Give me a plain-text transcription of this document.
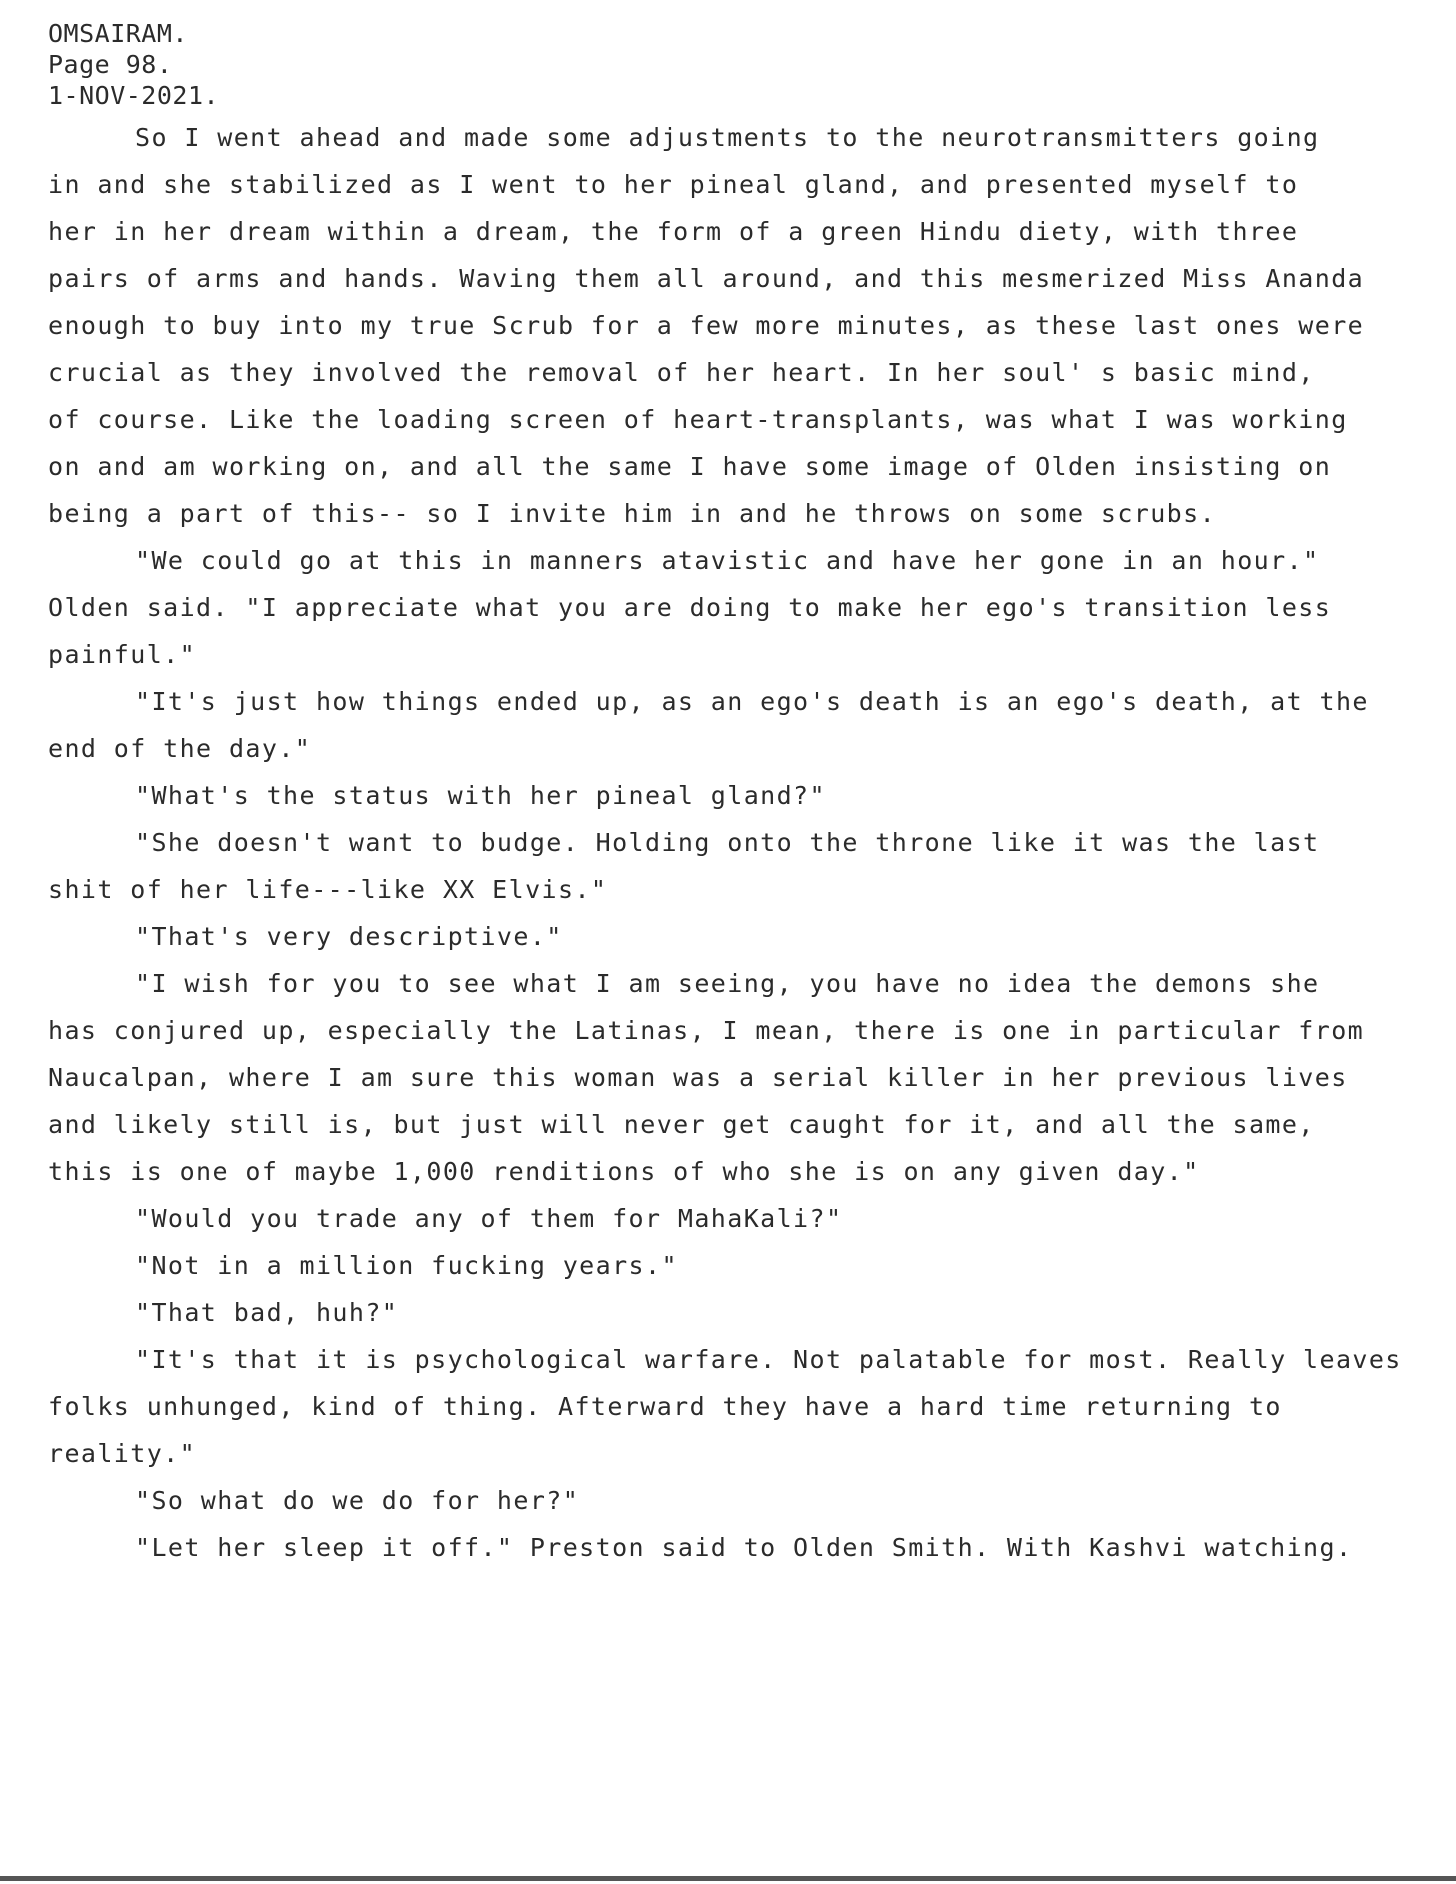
OMSAIRAM.
Page 98.
1-NOV-2021.
So I went ahead and made some adjustments to the neurotransmitters going
in and she stabilized as I went to her pineal gland, and presented myself to
her in her dream within a dream, the form of a green Hindu diety, with three
pairs of arms and hands. Waving them all around, and this mesmerized Miss Ananda
enough to buy into my true Scrub for a few more minutes, as these last ones were
crucial as they involved the removal of her heart. In her soul' s basic mind,
of course. Like the loading screen of heart-transplants, was what I was working
on and am working on, and all the same I have some image of Olden insisting on
being a part of this-- so I invite him in and he throws on some scrubs.
"We could go at this in manners atavistic and have her gone in an hour."
Olden said. "I appreciate what you are doing to make her ego's transition less
painful."
"It's just how things ended up, as an ego's death is an ego's death, at the
end of the day."
"What's the status with her pineal gland?"
"She doesn't want to budge. Holding onto the throne like it was the last
shit of her life---like XX Elvis."
"That's very descriptive."
"I wish for you to see what I am seeing, you have no idea the demons she
has conjured up, especially the Latinas, I mean, there is one in particular from
Naucalpan, where I am sure this woman was a serial killer in her previous lives
and likely still is, but just will never get caught for it, and all the same,
this is one of maybe 1,000 renditions of who she is on any given day."
"Would you trade any of them for MahaKali?"
"Not in a million fucking years."
"That bad, huh?"
"It's that it is psychological warfare. Not palatable for most. Really leaves
folks unhunged, kind of thing. Afterward they have a hard time returning to
reality."
"So what do we do for her?"
"Let her sleep it off." Preston said to Olden Smith. With Kashvi watching.
